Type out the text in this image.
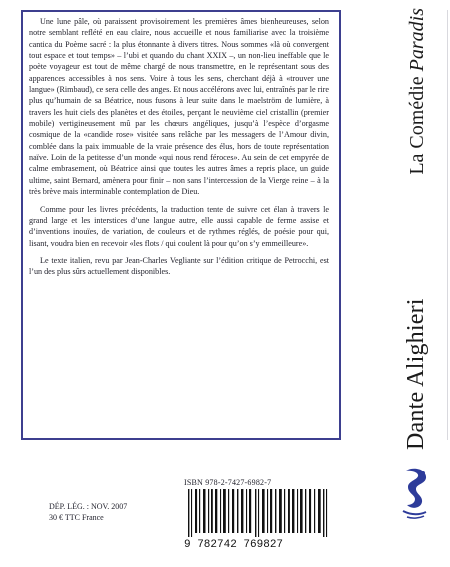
Une lune pâle, où paraissent provisoirement les premières âmes bienheureuses, selon notre semblant reflété en eau claire, nous accueille et nous familiarise avec la troisième cantica du Poème sacré : la plus étonnante à divers titres. Nous sommes «là où convergent tout espace et tout temps» – l’ubi et quando du chant XXIX –, un non-lieu ineffable que le poète voyageur est tout de même chargé de nous transmettre, en le représentant sous des apparences accessibles à nos sens. Voire à tous les sens, cherchant déjà à «trouver une langue» (Rimbaud), ce sera celle des anges. Et nous accélérons avec lui, entraînés par le rire plus qu’humain de sa Béatrice, nous fusons à leur suite dans le maelström de lumière, à travers les huit ciels des planètes et des étoiles, perçant le neuvième ciel cristallin (premier mobile) vertigineusement mû par les chœurs angéliques, jusqu’à l’espèce d’orgasme cosmique de la «candide rose» visitée sans relâche par les messagers de l’Amour divin, comblée dans la paix immuable de la vraie présence des élus, hors de toute représentation naïve. Loin de la petitesse d’un monde «qui nous rend féroces». Au sein de cet empyrée de calme embrasement, où Béatrice ainsi que toutes les autres âmes a repris place, un guide ultime, saint Bernard, amènera pour finir – non sans l’intercession de la Vierge reine – à la très brève mais interminable contemplation de Dieu.

Comme pour les livres précédents, la traduction tente de suivre cet élan à travers le grand large et les interstices d’une langue autre, elle aussi capable de ferme assise et d’inventions inouïes, de variation, de couleurs et de rythmes réglés, de poésie pour qui, lisant, voudra bien en recevoir «les flots / qui coulent là pour qu’on s’y emmeilleure».

Le texte italien, revu par Jean-Charles Vegliante sur l’édition critique de Petrocchi, est l’un des plus sûrs actuellement disponibles.

Dante Alighieri
La Comédie Paradis
ISBN 978-2-7427-6982-7
9 782742 769827
DÉP. LÉG. : NOV. 2007
30 € TTC France
